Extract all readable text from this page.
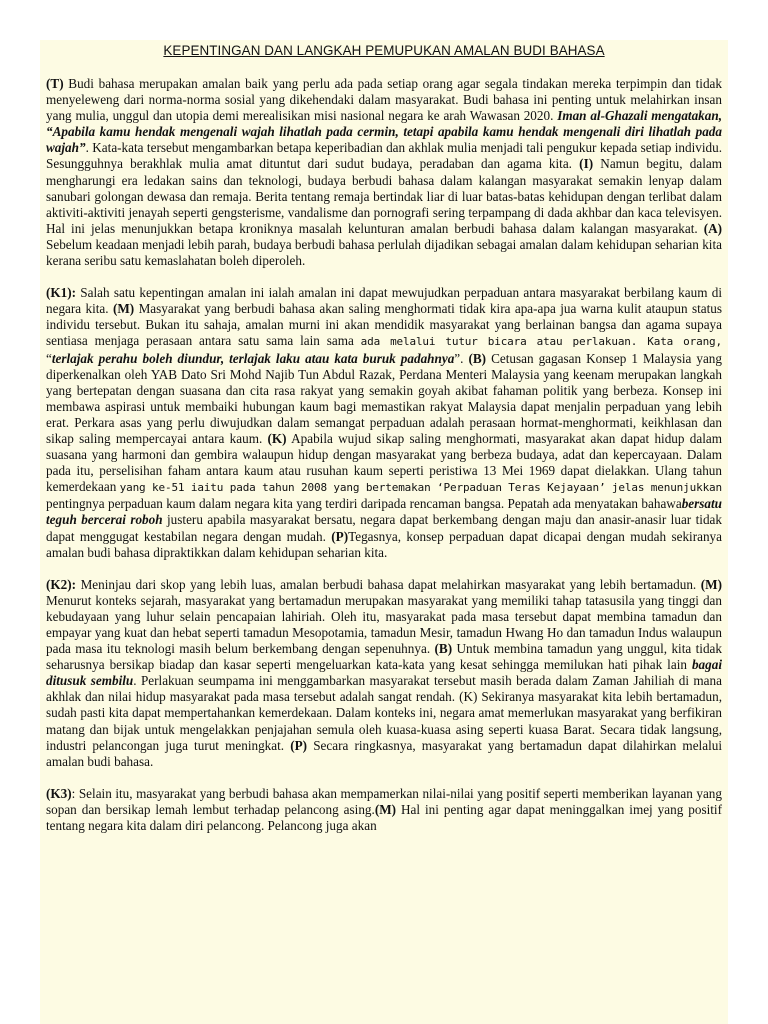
KEPENTINGAN DAN LANGKAH PEMUPUKAN AMALAN BUDI BAHASA

(T) Budi bahasa merupakan amalan baik yang perlu ada pada setiap orang agar segala tindakan mereka terpimpin dan tidak menyeleweng dari norma-norma sosial yang dikehendaki dalam masyarakat. Budi bahasa ini penting untuk melahirkan insan yang mulia, unggul dan utopia demi merealisikan misi nasional negara ke arah Wawasan 2020. Iman al-Ghazali mengatakan, “Apabila kamu hendak mengenali wajah lihatlah pada cermin, tetapi apabila kamu hendak mengenali diri lihatlah pada wajah”. Kata-kata tersebut mengambarkan betapa keperibadian dan akhlak mulia menjadi tali pengukur kepada setiap individu. Sesungguhnya berakhlak mulia amat dituntut dari sudut budaya, peradaban dan agama kita. (I) Namun begitu, dalam mengharungi era ledakan sains dan teknologi, budaya berbudi bahasa dalam kalangan masyarakat semakin lenyap dalam sanubari golongan dewasa dan remaja. Berita tentang remaja bertindak liar di luar batas-batas kehidupan dengan terlibat dalam aktiviti-aktiviti jenayah seperti gengsterisme, vandalisme dan pornografi sering terpampang di dada akhbar dan kaca televisyen. Hal ini jelas menunjukkan betapa kroniknya masalah kelunturan amalan berbudi bahasa dalam kalangan masyarakat. (A) Sebelum keadaan menjadi lebih parah, budaya berbudi bahasa perlulah dijadikan sebagai amalan dalam kehidupan seharian kita kerana seribu satu kemaslahatan boleh diperoleh.

(K1): Salah satu kepentingan amalan ini ialah amalan ini dapat mewujudkan perpaduan antara masyarakat berbilang kaum di negara kita. (M) Masyarakat yang berbudi bahasa akan saling menghormati tidak kira apa-apa jua warna kulit ataupun status individu tersebut. Bukan itu sahaja, amalan murni ini akan mendidik masyarakat yang berlainan bangsa dan agama supaya sentiasa menjaga perasaan antara satu sama lain sama ada melalui tutur bicara atau perlakuan. Kata orang, “terlajak perahu boleh diundur, terlajak laku atau kata buruk padahnya”. (B) Cetusan gagasan Konsep 1 Malaysia yang diperkenalkan oleh YAB Dato Sri Mohd Najib Tun Abdul Razak, Perdana Menteri Malaysia yang keenam merupakan langkah yang bertepatan dengan suasana dan cita rasa rakyat yang semakin goyah akibat fahaman politik yang berbeza. Konsep ini membawa aspirasi untuk membaiki hubungan kaum bagi memastikan rakyat Malaysia dapat menjalin perpaduan yang lebih erat. Perkara asas yang perlu diwujudkan dalam semangat perpaduan adalah perasaan hormat-menghormati, keikhlasan dan sikap saling mempercayai antara kaum. (K) Apabila wujud sikap saling menghormati, masyarakat akan dapat hidup dalam suasana yang harmoni dan gembira walaupun hidup dengan masyarakat yang berbeza budaya, adat dan kepercayaan. Dalam pada itu, perselisihan faham antara kaum atau rusuhan kaum seperti peristiwa 13 Mei 1969 dapat dielakkan. Ulang tahun kemerdekaan yang ke-51 iaitu pada tahun 2008 yang bertemakan ‘Perpaduan Teras Kejayaan’ jelas menunjukkan pentingnya perpaduan kaum dalam negara kita yang terdiri daripada rencaman bangsa. Pepatah ada menyatakan bahawabersatu teguh bercerai roboh justeru apabila masyarakat bersatu, negara dapat berkembang dengan maju dan anasir-anasir luar tidak dapat menggugat kestabilan negara dengan mudah. (P)Tegasnya, konsep perpaduan dapat dicapai dengan mudah sekiranya amalan budi bahasa dipraktikkan dalam kehidupan seharian kita.

(K2): Meninjau dari skop yang lebih luas, amalan berbudi bahasa dapat melahirkan masyarakat yang lebih bertamadun. (M) Menurut konteks sejarah, masyarakat yang bertamadun merupakan masyarakat yang memiliki tahap tatasusila yang tinggi dan kebudayaan yang luhur selain pencapaian lahiriah. Oleh itu, masyarakat pada masa tersebut dapat membina tamadun dan empayar yang kuat dan hebat seperti tamadun Mesopotamia, tamadun Mesir, tamadun Hwang Ho dan tamadun Indus walaupun pada masa itu teknologi masih belum berkembang dengan sepenuhnya. (B) Untuk membina tamadun yang unggul, kita tidak seharusnya bersikap biadap dan kasar seperti mengeluarkan kata-kata yang kesat sehingga memilukan hati pihak lain bagai ditusuk sembilu. Perlakuan seumpama ini menggambarkan masyarakat tersebut masih berada dalam Zaman Jahiliah di mana akhlak dan nilai hidup masyarakat pada masa tersebut adalah sangat rendah. (K) Sekiranya masyarakat kita lebih bertamadun, sudah pasti kita dapat mempertahankan kemerdekaan. Dalam konteks ini, negara amat memerlukan masyarakat yang berfikiran matang dan bijak untuk mengelakkan penjajahan semula oleh kuasa-kuasa asing seperti kuasa Barat. Secara tidak langsung, industri pelancongan juga turut meningkat. (P) Secara ringkasnya, masyarakat yang bertamadun dapat dilahirkan melalui amalan budi bahasa.

(K3): Selain itu, masyarakat yang berbudi bahasa akan mempamerkan nilai-nilai yang positif seperti memberikan layanan yang sopan dan bersikap lemah lembut terhadap pelancong asing.(M) Hal ini penting agar dapat meninggalkan imej yang positif tentang negara kita dalam diri pelancong. Pelancong juga akan
